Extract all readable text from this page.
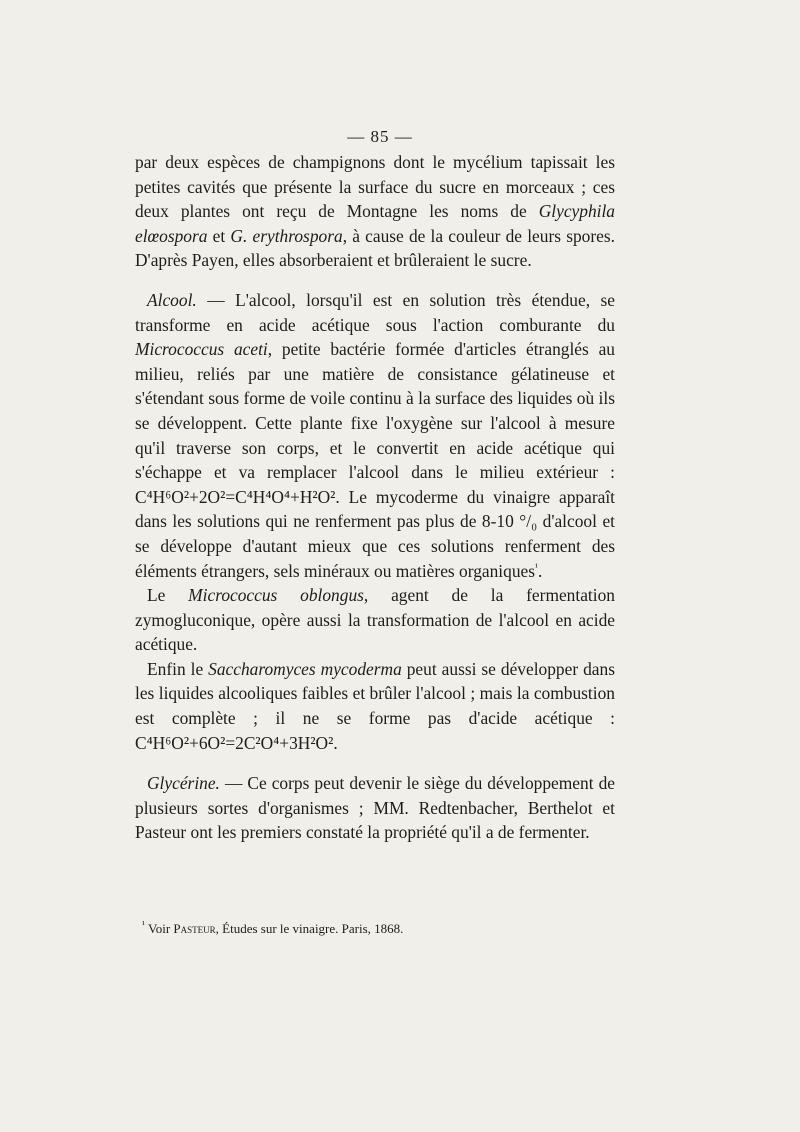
— 85 —

par deux espèces de champignons dont le mycélium tapissait les petites cavités que présente la surface du sucre en morceaux ; ces deux plantes ont reçu de Montagne les noms de Glycyphila elœospora et G. erythrospora, à cause de la couleur de leurs spores. D'après Payen, elles absorberaient et brûleraient le sucre.

Alcool. — L'alcool, lorsqu'il est en solution très étendue, se transforme en acide acétique sous l'action comburante du Micrococcus aceti, petite bactérie formée d'articles étranglés au milieu, reliés par une matière de consistance gélatineuse et s'étendant sous forme de voile continu à la surface des liquides où ils se développent. Cette plante fixe l'oxygène sur l'alcool à mesure qu'il traverse son corps, et le convertit en acide acétique qui s'échappe et va remplacer l'alcool dans le milieu extérieur : C⁴H⁶O²+2O²=C⁴H⁴O⁴+H²O². Le mycoderme du vinaigre apparaît dans les solutions qui ne renferment pas plus de 8-10 °/₀ d'alcool et se développe d'autant mieux que ces solutions renferment des éléments étrangers, sels minéraux ou matières organiques$^{^1}$.

Le Micrococcus oblongus, agent de la fermentation zymogluconique, opère aussi la transformation de l'alcool en acide acétique.

Enfin le Saccharomyces mycoderma peut aussi se développer dans les liquides alcooliques faibles et brûler l'alcool ; mais la combustion est complète ; il ne se forme pas d'acide acétique : C⁴H⁶O²+6O²=2C²O⁴+3H²O².

Glycérine. — Ce corps peut devenir le siège du développement de plusieurs sortes d'organismes ; MM. Redtenbacher, Berthelot et Pasteur ont les premiers constaté la propriété qu'il a de fermenter.

$^{^1}$ Voir Pasteur, Études sur le vinaigre. Paris, 1868.
